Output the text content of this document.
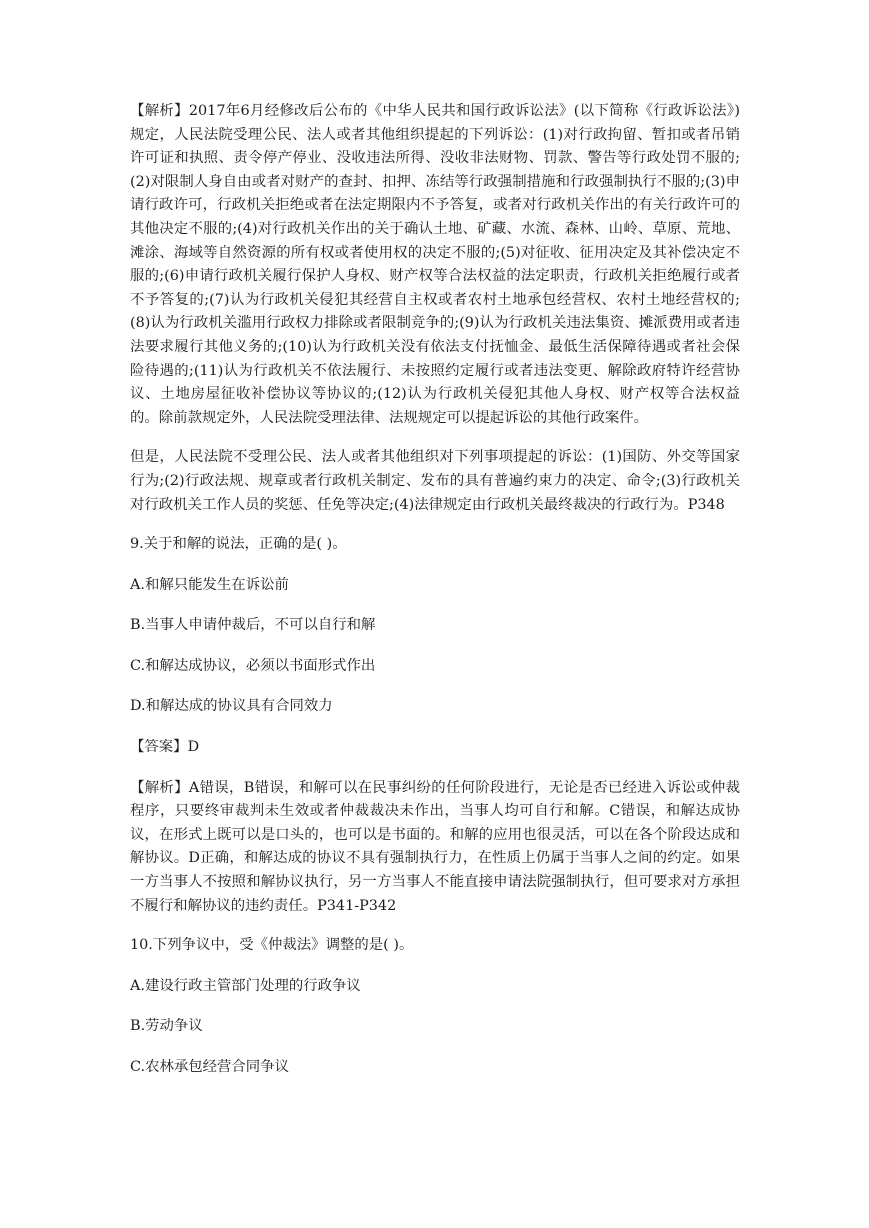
【解析】2017年6月经修改后公布的《中华人民共和国行政诉讼法》(以下简称《行政诉讼法》)规定，人民法院受理公民、法人或者其他组织提起的下列诉讼：(1)对行政拘留、暂扣或者吊销许可证和执照、责令停产停业、没收违法所得、没收非法财物、罚款、警告等行政处罚不服的;(2)对限制人身自由或者对财产的查封、扣押、冻结等行政强制措施和行政强制执行不服的;(3)申请行政许可，行政机关拒绝或者在法定期限内不予答复，或者对行政机关作出的有关行政许可的其他决定不服的;(4)对行政机关作出的关于确认土地、矿藏、水流、森林、山岭、草原、荒地、滩涂、海域等自然资源的所有权或者使用权的决定不服的;(5)对征收、征用决定及其补偿决定不服的;(6)申请行政机关履行保护人身权、财产权等合法权益的法定职责，行政机关拒绝履行或者不予答复的;(7)认为行政机关侵犯其经营自主权或者农村土地承包经营权、农村土地经营权的;(8)认为行政机关滥用行政权力排除或者限制竞争的;(9)认为行政机关违法集资、摊派费用或者违法要求履行其他义务的;(10)认为行政机关没有依法支付抚恤金、最低生活保障待遇或者社会保险待遇的;(11)认为行政机关不依法履行、未按照约定履行或者违法变更、解除政府特许经营协议、土地房屋征收补偿协议等协议的;(12)认为行政机关侵犯其他人身权、财产权等合法权益的。除前款规定外，人民法院受理法律、法规规定可以提起诉讼的其他行政案件。

但是，人民法院不受理公民、法人或者其他组织对下列事项提起的诉讼：(1)国防、外交等国家行为;(2)行政法规、规章或者行政机关制定、发布的具有普遍约束力的决定、命令;(3)行政机关对行政机关工作人员的奖惩、任免等决定;(4)法律规定由行政机关最终裁决的行政行为。P348

9.关于和解的说法，正确的是( )。

A.和解只能发生在诉讼前

B.当事人申请仲裁后，不可以自行和解

C.和解达成协议，必须以书面形式作出

D.和解达成的协议具有合同效力

【答案】D

【解析】A错误，B错误，和解可以在民事纠纷的任何阶段进行，无论是否已经进入诉讼或仲裁程序，只要终审裁判未生效或者仲裁裁决未作出，当事人均可自行和解。C错误，和解达成协议，在形式上既可以是口头的，也可以是书面的。和解的应用也很灵活，可以在各个阶段达成和解协议。D正确，和解达成的协议不具有强制执行力，在性质上仍属于当事人之间的约定。如果一方当事人不按照和解协议执行，另一方当事人不能直接申请法院强制执行，但可要求对方承担不履行和解协议的违约责任。P341-P342

10.下列争议中，受《仲裁法》调整的是( )。

A.建设行政主管部门处理的行政争议

B.劳动争议

C.农林承包经营合同争议
